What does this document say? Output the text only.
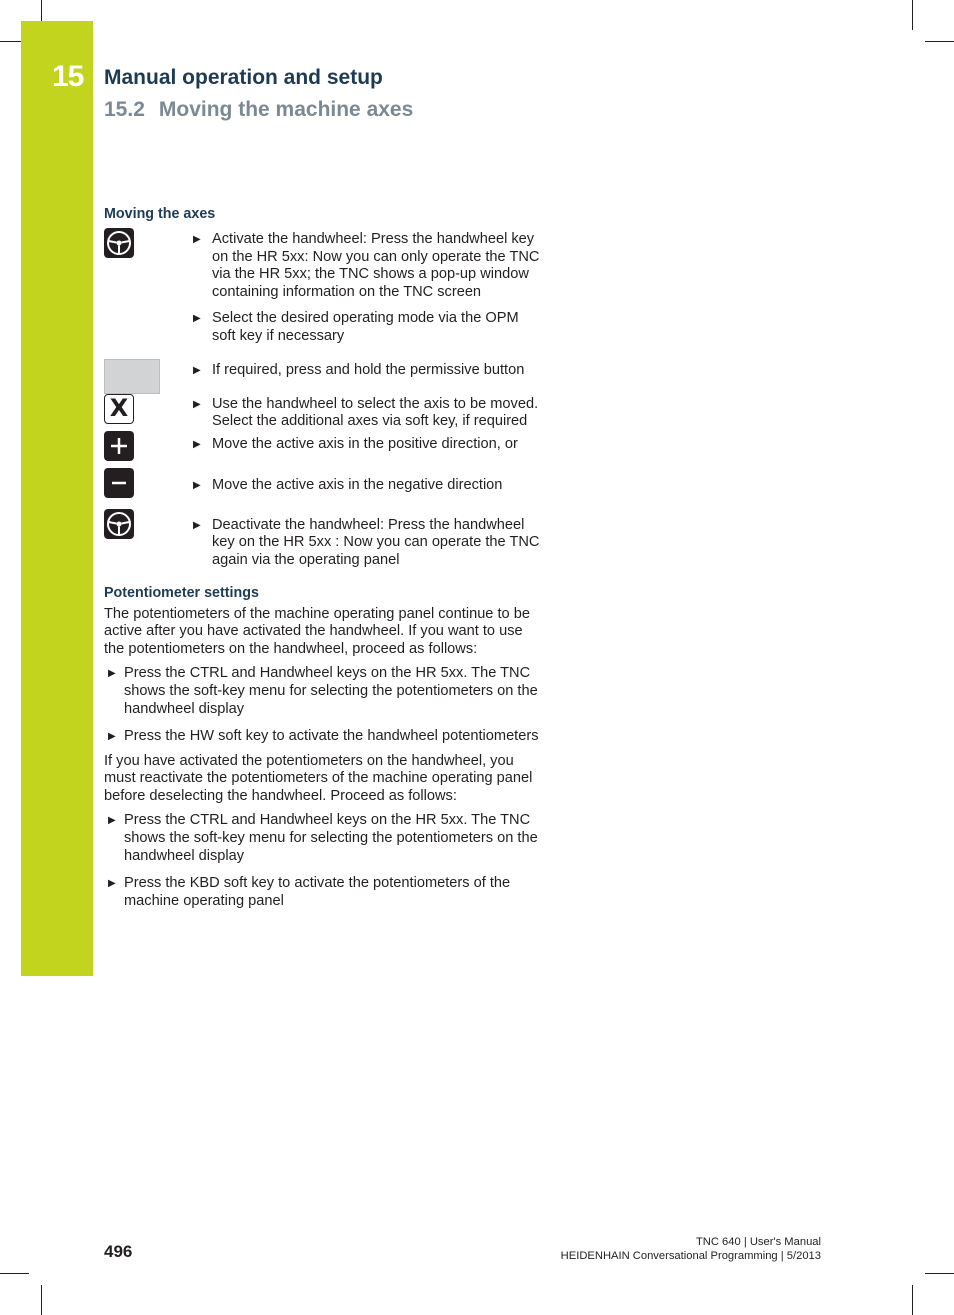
15 Manual operation and setup
15.2 Moving the machine axes
Moving the axes
▶ Activate the handwheel: Press the handwheel key on the HR 5xx: Now you can only operate the TNC via the HR 5xx; the TNC shows a pop-up window containing information on the TNC screen
▶ Select the desired operating mode via the OPM soft key if necessary
▶ If required, press and hold the permissive button
X	▶ Use the handwheel to select the axis to be moved. Select the additional axes via soft key, if required
▶ Move the active axis in the positive direction, or
▶ Move the active axis in the negative direction
▶ Deactivate the handwheel: Press the handwheel key on the HR 5xx : Now you can operate the TNC again via the operating panel
Potentiometer settings

The potentiometers of the machine operating panel continue to be active after you have activated the handwheel. If you want to use the potentiometers on the handwheel, proceed as follows:

▶ Press the CTRL and Handwheel keys on the HR 5xx. The TNC shows the soft-key menu for selecting the potentiometers on the handwheel display
▶ Press the HW soft key to activate the handwheel potentiometers

If you have activated the potentiometers on the handwheel, you must reactivate the potentiometers of the machine operating panel before deselecting the handwheel. Proceed as follows:

▶ Press the CTRL and Handwheel keys on the HR 5xx. The TNC shows the soft-key menu for selecting the potentiometers on the handwheel display
▶ Press the KBD soft key to activate the potentiometers of the machine operating panel
496	TNC 640 | User's Manual
HEIDENHAIN Conversational Programming | 5/2013
